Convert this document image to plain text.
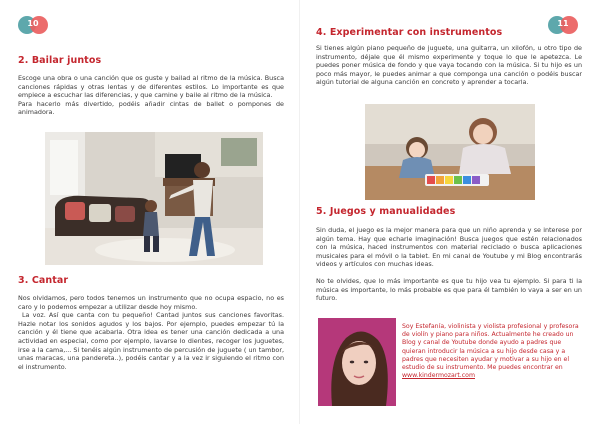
10
2. Bailar juntos

Escoge una obra o una canción que os guste y bailad al ritmo de la música. Busca canciones rápidas y otras lentas y de diferentes estilos. Lo importante es que empiece a escuchar las diferencias, y que camine y baile al ritmo de la música.

Para hacerlo más divertido, podéis añadir cintas de ballet o pompones de animadora.

3. Cantar

Nos olvidamos, pero todos tenemos un instrumento que no ocupa espacio, no es caro y lo podemos empezar a utilizar desde hoy mismo.

La voz. Así que canta con tu pequeño! Cantad juntos sus canciones favoritas. Hazle notar los sonidos agudos y los bajos. Por ejemplo, puedes empezar tú la canción y él tiene que acabarla. Otra idea es tener una canción dedicada a una actividad en especial, como por ejemplo, lavarse lo dientes, recoger los juguetes, irse a la cama,... Si tenéis algún instrumento de percusión de juguete ( un tambor, unas maracas, una pandereta..), podéis cantar y a la vez ir siguiendo el ritmo con el instrumento.

11
4. Experimentar con instrumentos

Si tienes algún piano pequeño de juguete, una guitarra, un xilofón, u otro tipo de instrumento, déjale que él mismo experimente y toque lo que le apetezca. Le puedes poner música de fondo y que vaya tocando con la música. Si tu hijo es un poco más mayor, le puedes animar a que componga una canción o podéis buscar algún tutorial de alguna canción en concreto y aprender a tocarla.

5. Juegos y manualidades

Sin duda, el juego es la mejor manera para que un niño aprenda y se interese por algún tema. Hay que echarle imaginación! Busca juegos que estén relacionados con la música, haced instrumentos con material reciclado o busca aplicaciones musicales para el móvil o la tablet. En mi canal de Youtube y mi Blog encontrarás videos y artículos con muchas ideas.

No te olvides, que lo más importante es que tu hijo vea tu ejemplo. Si para ti la música es importante, lo más probable es que para él también lo vaya a ser en un futuro.

Soy Estefanía, violinista y violista profesional y profesora de violín y piano para niños. Actualmente he creado un Blog y canal de Youtube donde ayudo a padres que quieran introducir la música a su hijo desde casa y a padres que necesiten ayudar y motivar a su hijo en el estudio de su instrumento. Me puedes encontrar en www.kindermozart.com
